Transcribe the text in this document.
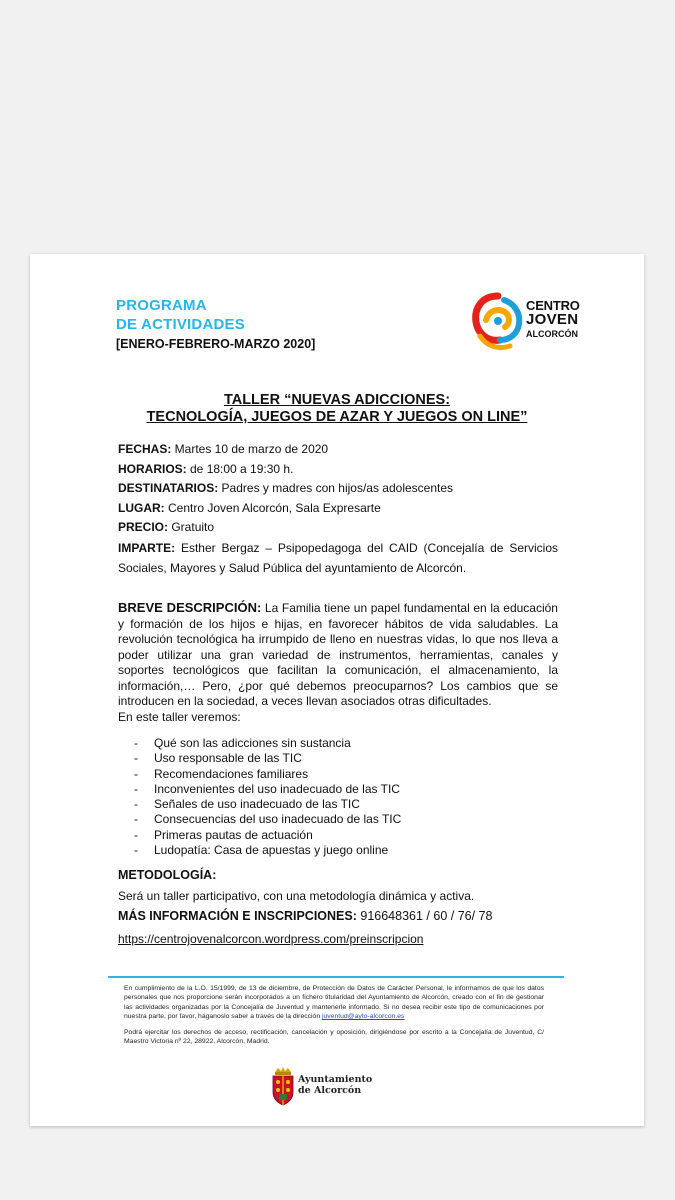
PROGRAMA
DE ACTIVIDADES
[ENERO-FEBRERO-MARZO 2020]
CENTRO
JOVEN
ALCORCÓN
TALLER “NUEVAS ADICCIONES:
TECNOLOGÍA, JUEGOS DE AZAR Y JUEGOS ON LINE”
FECHAS: Martes 10 de marzo de 2020
HORARIOS: de 18:00 a 19:30 h.
DESTINATARIOS: Padres y madres con hijos/as adolescentes
LUGAR: Centro Joven Alcorcón, Sala Expresarte
PRECIO: Gratuito
IMPARTE: Esther Bergaz – Psipopedagoga del CAID (Concejalía de Servicios Sociales, Mayores y Salud Pública del ayuntamiento de Alcorcón.
BREVE DESCRIPCIÓN: La Familia tiene un papel fundamental en la educación y formación de los hijos e hijas, en favorecer hábitos de vida saludables. La revolución tecnológica ha irrumpido de lleno en nuestras vidas, lo que nos lleva a poder utilizar una gran variedad de instrumentos, herramientas, canales y soportes tecnológicos que facilitan la comunicación, el almacenamiento, la información,… Pero, ¿por qué debemos preocuparnos? Los cambios que se introducen en la sociedad, a veces llevan asociados otras dificultades.
En este taller veremos:
- Qué son las adicciones sin sustancia
- Uso responsable de las TIC
- Recomendaciones familiares
- Inconvenientes del uso inadecuado de las TIC
- Señales de uso inadecuado de las TIC
- Consecuencias del uso inadecuado de las TIC
- Primeras pautas de actuación
- Ludopatía: Casa de apuestas y juego online
METODOLOGÍA:
Será un taller participativo, con una metodología dinámica y activa.
MÁS INFORMACIÓN E INSCRIPCIONES: 916648361 / 60 / 76/ 78
https://centrojovenalcorcon.wordpress.com/preinscripcion

En cumplimiento de la L.O. 15/1999, de 13 de diciembre, de Protección de Datos de Carácter Personal, le informamos de que los datos personales que nos proporcione serán incorporados a un fichero titularidad del Ayuntamiento de Alcorcón, creado con el fin de gestionar las actividades organizadas por la Concejalía de Juventud y mantenerle informado. Si no desea recibir este tipo de comunicaciones por nuestra parte, por favor, háganoslo saber a través de la dirección juventud@ayto-alcorcon.es

Podrá ejercitar los derechos de acceso, rectificación, cancelación y oposición, dirigiéndose por escrito a la Concejalía de Juventud, C/ Maestro Victoria nº 22, 28922, Alcorcón, Madrid.

Ayuntamiento
de Alcorcón
